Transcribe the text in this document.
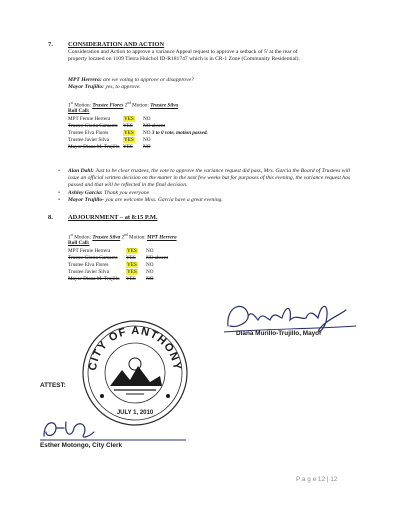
7. CONSIDERATION AND ACTION
Consideration and Action to approve a variance Appeal request to approve a setback of 5' at the rear of
property located on 1109 Tierra Huichol ID-R181747 which is in CR-1 Zone (Community Residential).
MPT Herrera: are we voting to approve or disapprove?
Mayor Trujillo: yes, to approve.
1st Motion: Trustee Flores 2nd Motion: Trustee Silva
Roll Call:
MPT Fernie Herrera	YES	NO
Trustee Gloria Gamarro	YES	NO absent
Trustee Elva Flores	YES	NO 3 to 0 vote, motion passed.
Trustee Javier Silva	YES	NO
Mayor Diana M. Trujillo	YES	NO
• Alan Dahl: Just to be clear trustees, the vote to approve the variance request did pass, Mrs. Garcia the Board of Trustees will issue an official written decision on the matter in the next few weeks but for purposes of this evening, the variance request has passed and that will be reflected in the final decision.
• Ashley Garcia: Thank you everyone
• Mayor Trujillo- you are welcome Miss. Garcia have a great evening.
8. ADJOURNMENT – at 8:15 P.M.
1st Motion: Trustee Silva 2nd Motion: MPT Herrera
Roll Call:
MPT Fernie Herrera	YES	NO
Trustee Gloria Gamarro	YES	NO absent
Trustee Elva Flores	YES	NO
Trustee Javier Silva	YES	NO
Mayor Diana M. Trujillo	YES	NO
Diana Murillo-Trujillo, Mayor
CITY OF ANTHONY
JULY 1, 2010
ATTEST:
Esther Motongo, City Clerk
P a g e 12 | 12
